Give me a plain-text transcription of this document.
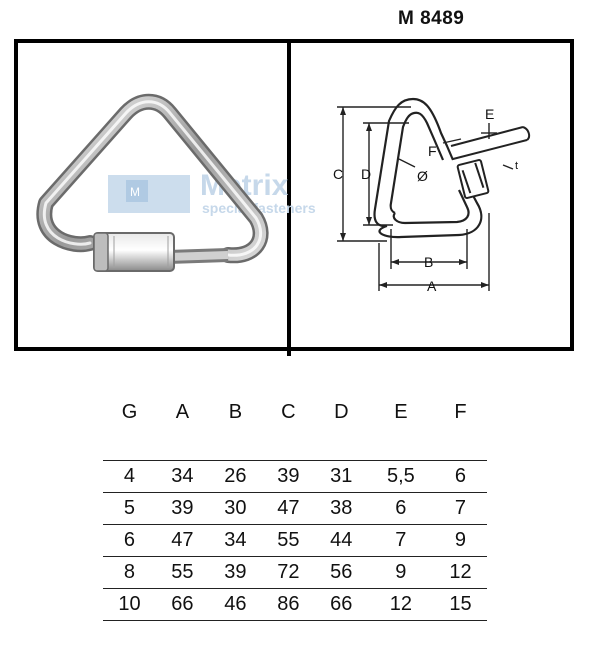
M 8489
M Metrix
special fasteners
C D
B
A
E
F
Ø
t
G	A	B	C	D	E	F

4	34	26	39	31	5,5	6
5	39	30	47	38	6	7
6	47	34	55	44	7	9
8	55	39	72	56	9	12
10	66	46	86	66	12	15
